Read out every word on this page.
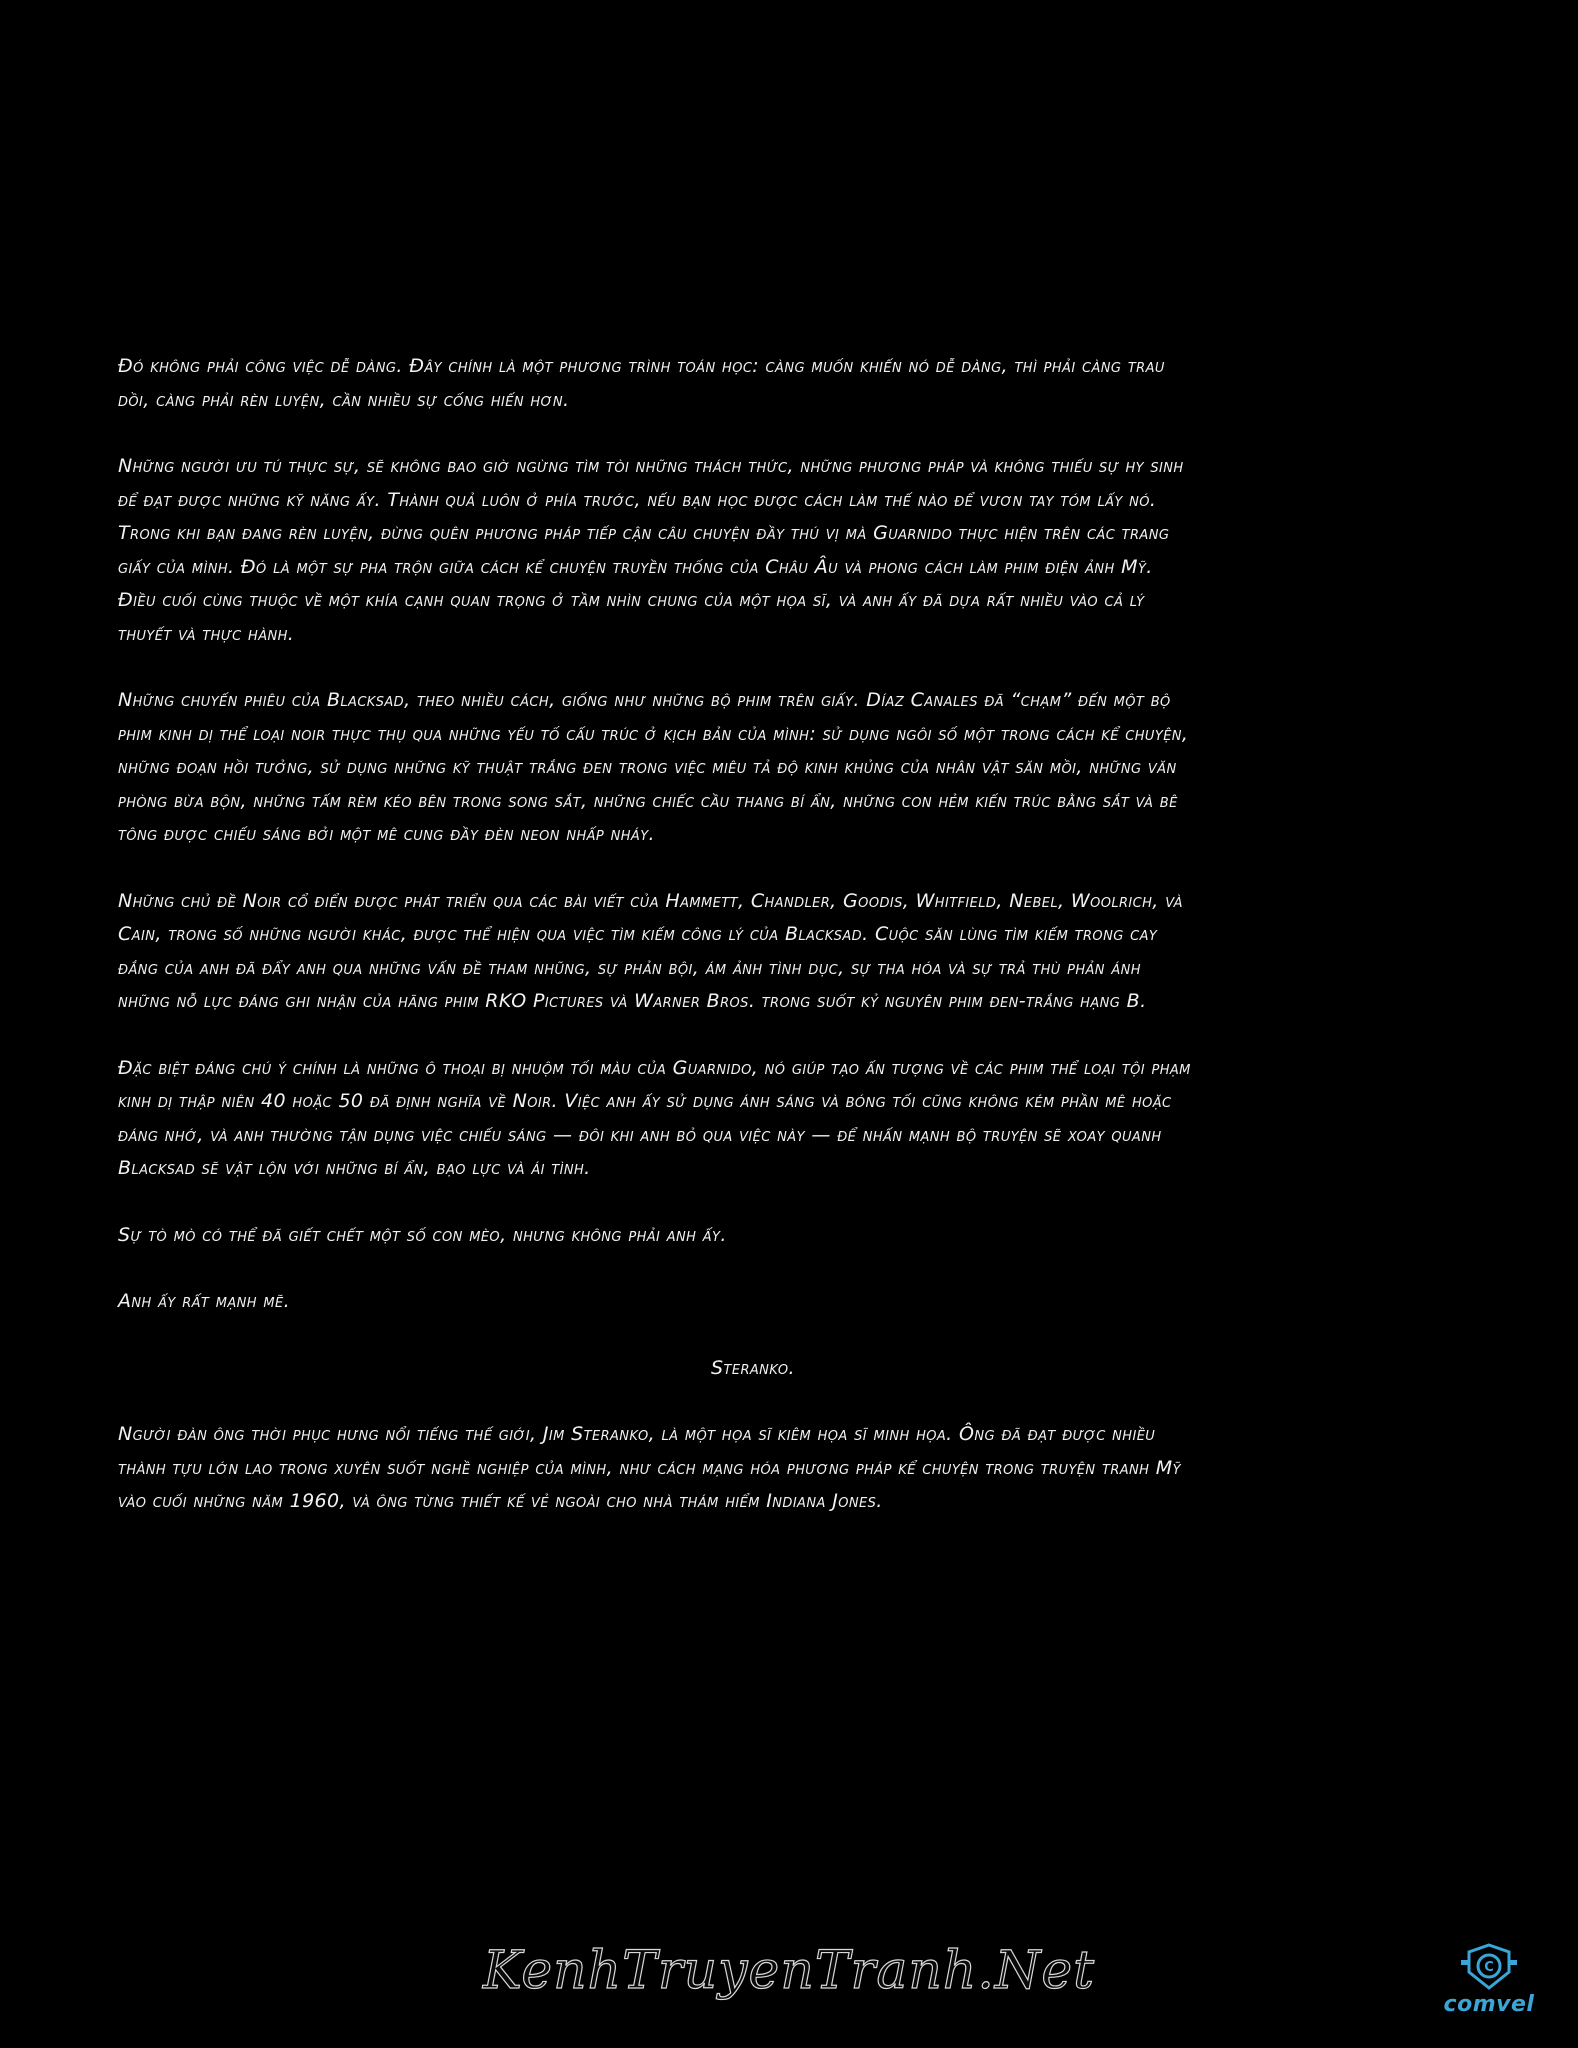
Đó không phải công việc dễ dàng. Đây chính là một phương trình toán học: càng muốn khiến nó dễ dàng, thì phải càng trau dồi, càng phải rèn luyện, cần nhiều sự cống hiến hơn.

Những người ưu tú thực sự, sẽ không bao giờ ngừng tìm tòi những thách thức, những phương pháp và không thiếu sự hy sinh để đạt được những kỹ năng ấy. Thành quả luôn ở phía trước, nếu bạn học được cách làm thế nào để vươn tay tóm lấy nó. Trong khi bạn đang rèn luyện, đừng quên phương pháp tiếp cận câu chuyện đầy thú vị mà Guarnido thực hiện trên các trang giấy của mình. Đó là một sự pha trộn giữa cách kể chuyện truyền thống của Châu Âu và phong cách làm phim điện ảnh Mỹ. Điều cuối cùng thuộc về một khía cạnh quan trọng ở tầm nhìn chung của một họa sĩ, và anh ấy đã dựa rất nhiều vào cả lý thuyết và thực hành.

Những chuyến phiêu của Blacksad, theo nhiều cách, giống như những bộ phim trên giấy. Díaz Canales đã “chạm” đến một bộ phim kinh dị thể loại noir thực thụ qua những yếu tố cấu trúc ở kịch bản của mình: sử dụng ngôi số một trong cách kể chuyện, những đoạn hồi tưởng, sử dụng những kỹ thuật trắng đen trong việc miêu tả độ kinh khủng của nhân vật săn mồi, những văn phòng bừa bộn, những tấm rèm kéo bên trong song sắt, những chiếc cầu thang bí ẩn, những con hẻm kiến trúc bằng sắt và bê tông được chiếu sáng bởi một mê cung đầy đèn neon nhấp nháy.

Những chủ đề Noir cổ điển được phát triển qua các bài viết của Hammett, Chandler, Goodis, Whitfield, Nebel, Woolrich, và Cain, trong số những người khác, được thể hiện qua việc tìm kiếm công lý của Blacksad. Cuộc săn lùng tìm kiếm trong cay đắng của anh đã đẩy anh qua những vấn đề tham nhũng, sự phản bội, ám ảnh tình dục, sự tha hóa và sự trả thù phản ánh những nỗ lực đáng ghi nhận của hãng phim RKO Pictures và Warner Bros. trong suốt kỷ nguyên phim đen-trắng hạng B.

Đặc biệt đáng chú ý chính là những ô thoại bị nhuộm tối màu của Guarnido, nó giúp tạo ấn tượng về các phim thể loại tội phạm kinh dị thập niên 40 hoặc 50 đã định nghĩa về Noir. Việc anh ấy sử dụng ánh sáng và bóng tối cũng không kém phần mê hoặc đáng nhớ, và anh thường tận dụng việc chiếu sáng — đôi khi anh bỏ qua việc này — để nhấn mạnh bộ truyện sẽ xoay quanh Blacksad sẽ vật lộn với những bí ẩn, bạo lực và ái tình.

Sự tò mò có thể đã giết chết một số con mèo, nhưng không phải anh ấy.

Anh ấy rất mạnh mẽ.

Steranko.

Người đàn ông thời phục hưng nổi tiếng thế giới, Jim Steranko, là một họa sĩ kiêm họa sĩ minh họa. Ông đã đạt được nhiều thành tựu lớn lao trong xuyên suốt nghề nghiệp của mình, như cách mạng hóa phương pháp kể chuyện trong truyện tranh Mỹ vào cuối những năm 1960, và ông từng thiết kế vẻ ngoài cho nhà thám hiểm Indiana Jones.

KenhTruyenTranh.Net	C
comvel
